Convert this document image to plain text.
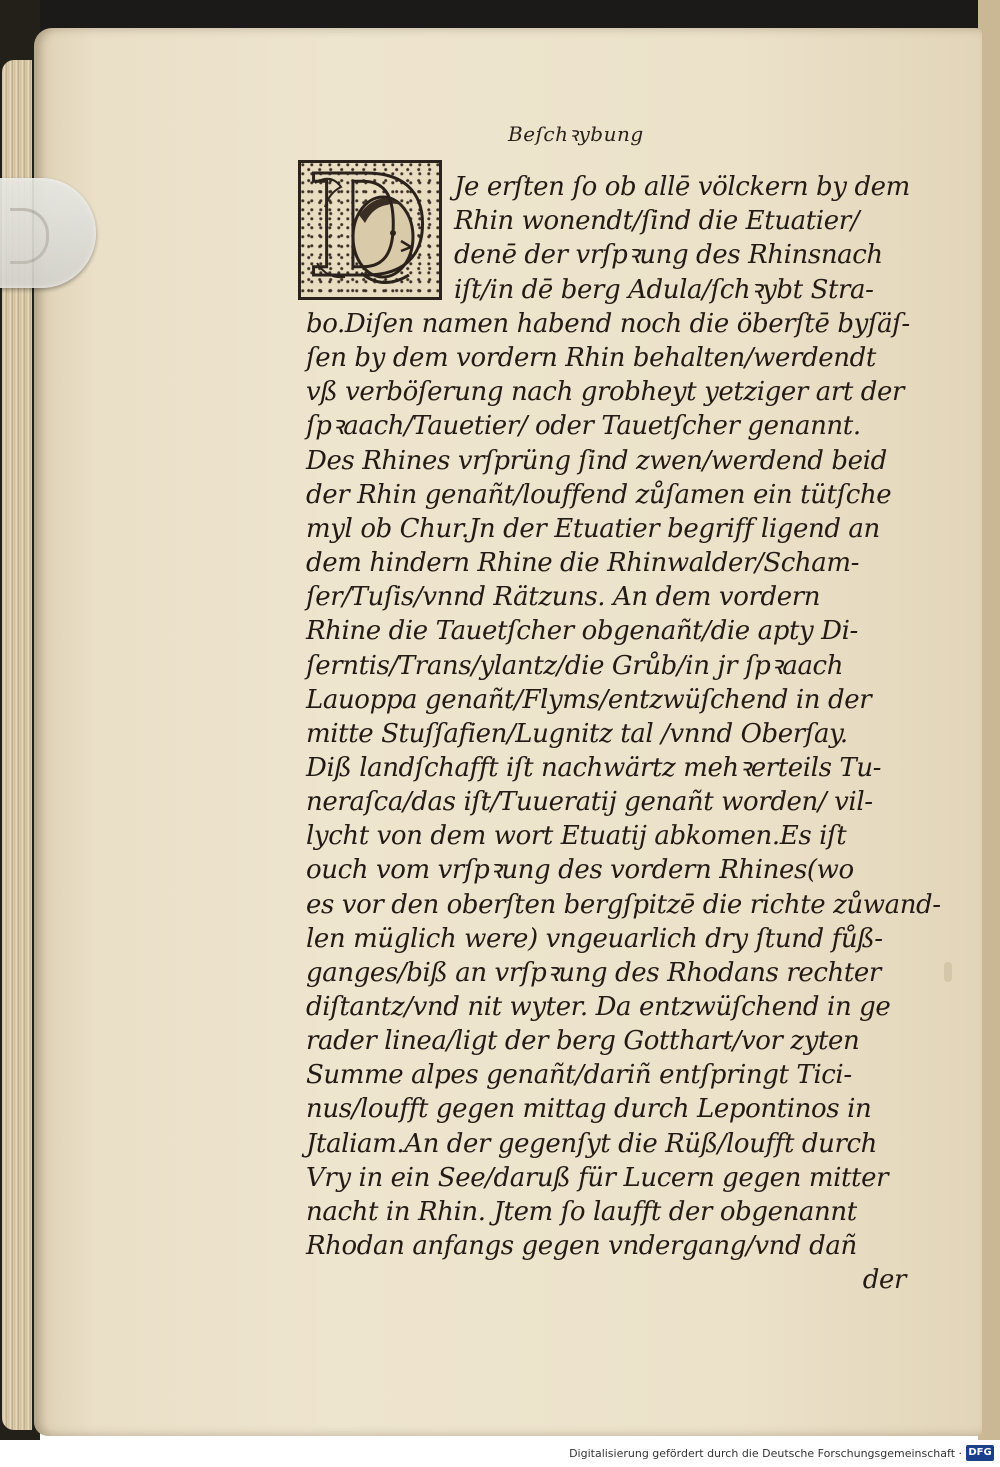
Beſchꝛybung
D Je erſten ſo ob allē völckern by dem
Rhin wonendt/ſind die Etuatier/
denē der vrſpꝛung des Rhinsnach
iſt/in dē berg Adula/ſchꝛybt Stra-
bo.Diſen namen habend noch die öberſtē byſäſ-
ſen by dem vordern Rhin behalten/werdendt
vß verböſerung nach grobheyt yetziger art der
ſpꝛaach/Tauetier/ oder Tauetſcher genannt.
Des Rhines vrſprüng ſind zwen/werdend beid
der Rhin genañt/louffend zůſamen ein tütſche
myl ob Chur.Jn der Etuatier begriff ligend an
dem hindern Rhine die Rhinwalder/Scham-
ſer/Tuſis/vnnd Rätzuns. An dem vordern
Rhine die Tauetſcher obgenañt/die apty Di-
ſerntis/Trans/ylantz/die Grůb/in jr ſpꝛaach
Lauoppa genañt/Flyms/entzwüſchend in der
mitte Stuſſafien/Lugnitz tal /vnnd Oberſay.
Diß landſchafft iſt nachwärtz mehꝛerteils Tu-
neraſca/das iſt/Tuueratij genañt worden/ vil-
lycht von dem wort Etuatij abkomen.Es iſt
ouch vom vrſpꝛung des vordern Rhines(wo
es vor den oberſten bergſpitzē die richte zůwand-
len müglich were) vngeuarlich dry ſtund fůß-
ganges/biß an vrſpꝛung des Rhodans rechter
diſtantz/vnd nit wyter. Da entzwüſchend in ge
rader linea/ligt der berg Gotthart/vor zyten
Summe alpes genañt/dariñ entſpringt Tici-
nus/loufft gegen mittag durch Lepontinos in
Jtaliam.An der gegenſyt die Rüß/loufft durch
Vry in ein See/daruß für Lucern gegen mitter
nacht in Rhin. Jtem ſo laufft der obgenannt
Rhodan anfangs gegen vndergang/vnd dañ
der
Digitalisierung gefördert durch die Deutsche Forschungsgemeinschaft · DFG
